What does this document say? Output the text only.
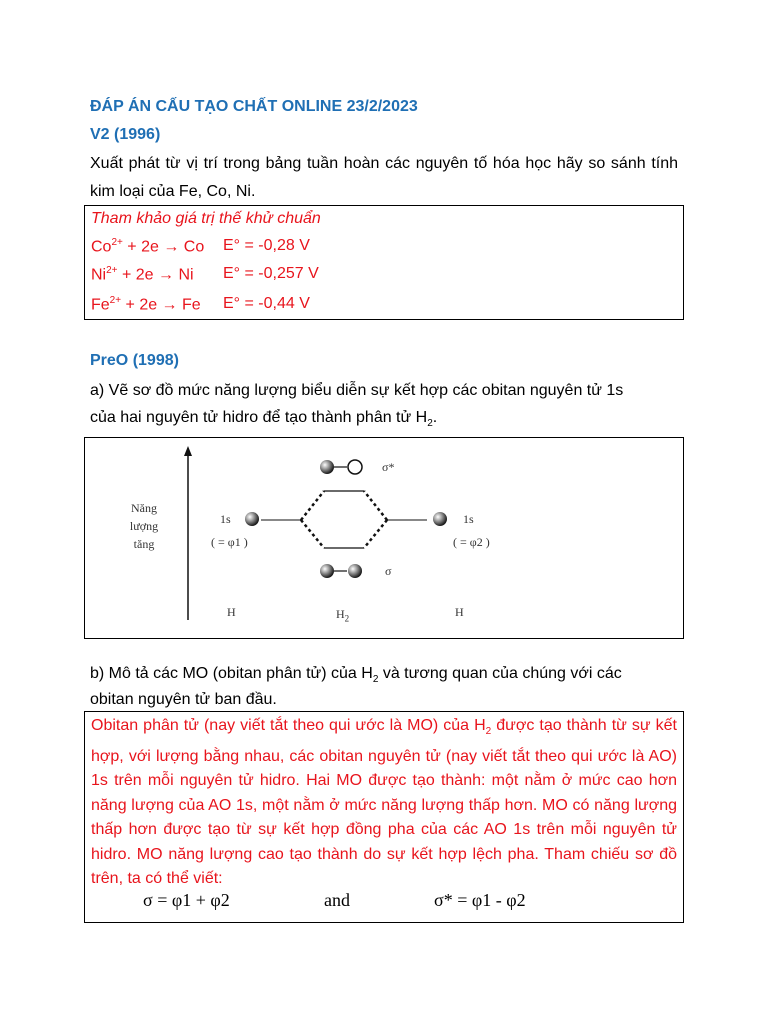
ĐÁP ÁN CẤU TẠO CHẤT ONLINE 23/2/2023
V2 (1996)
Xuất phát từ vị trí trong bảng tuần hoàn các nguyên tố hóa học hãy so sánh tính kim loại của Fe, Co, Ni.
Tham khảo giá trị thế khử chuẩn
$Co^{2+} + 2e \to Co$ E° = -0,28 V
$Ni^{2+} + 2e \to Ni$ E° = -0,257 V
$Fe^{2+} + 2e \to Fe$ E° = -0,44 V
PreO (1998)
a) Vẽ sơ đồ mức năng lượng biểu diễn sự kết hợp các obitan nguyên tử 1s
của hai nguyên tử hidro để tạo thành phân tử $H_2$.
Năng
lượng
tăng
1s
( = φ1 )
1s
( = φ2 )
σ*
σ
H	H
$H_2$
b) Mô tả các MO (obitan phân tử) của $H_2$ và tương quan của chúng với các
obitan nguyên tử ban đầu.
Obitan phân tử (nay viết tắt theo qui ước là MO) của $H_2$ được tạo thành từ sự kết hợp, với lượng bằng nhau, các obitan nguyên tử (nay viết tắt theo qui ước là AO) 1s trên mỗi nguyên tử hidro. Hai MO được tạo thành: một nằm ở mức cao hơn năng lượng của AO 1s, một nằm ở mức năng lượng thấp hơn. MO có năng lượng thấp hơn được tạo từ sự kết hợp đồng pha của các AO 1s trên mỗi nguyên tử hidro. MO năng lượng cao tạo thành do sự kết hợp lệch pha. Tham chiếu sơ đồ trên, ta có thể viết:
σ = φ1 + φ2	and	σ* = φ1 - φ2
